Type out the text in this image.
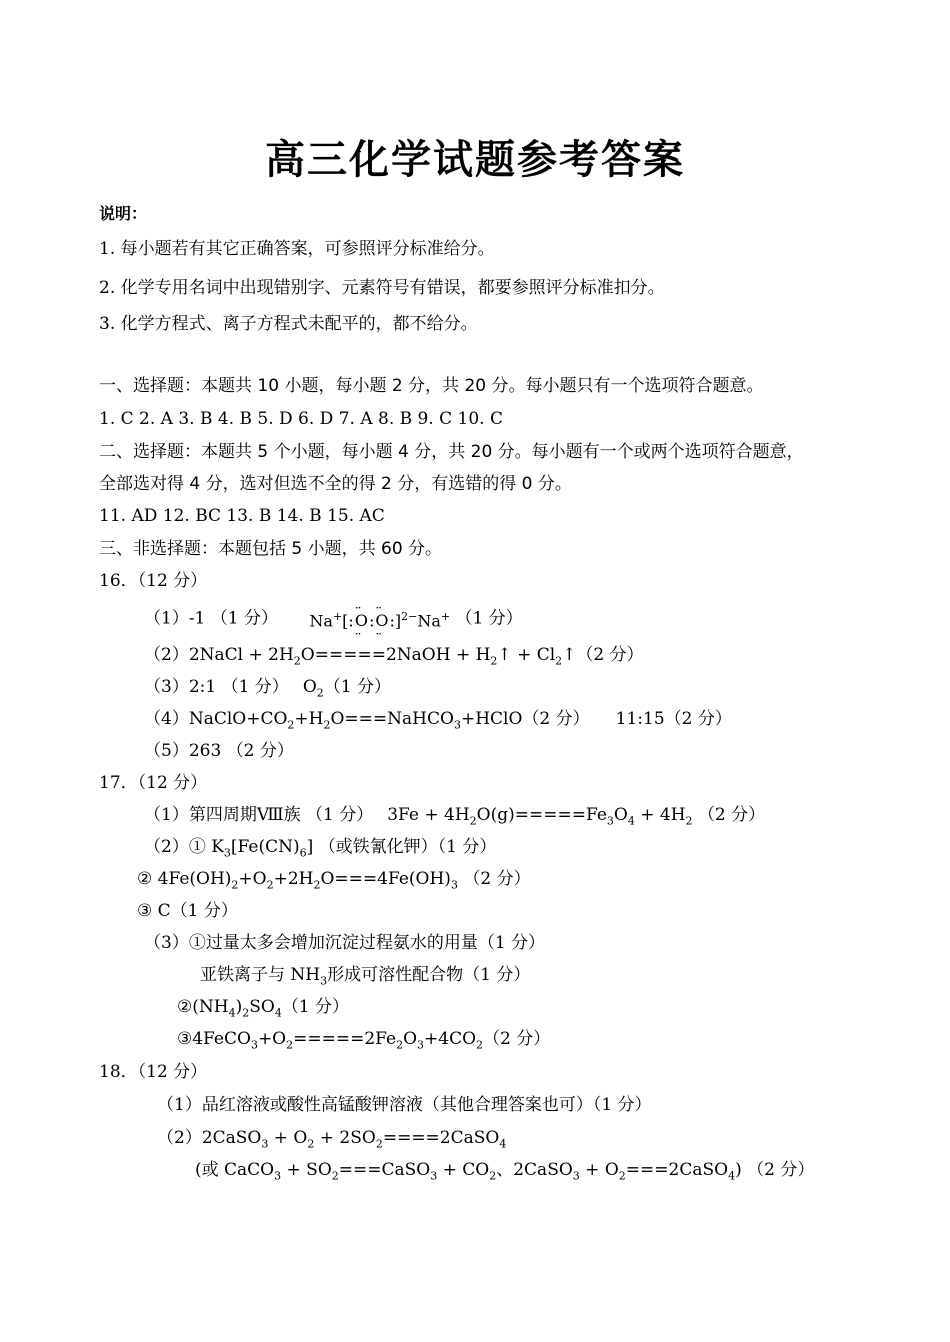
高三化学试题参考答案
说明：
1. 每小题若有其它正确答案，可参照评分标准给分。
2. 化学专用名词中出现错别字、元素符号有错误，都要参照评分标准扣分。
3. 化学方程式、离子方程式未配平的，都不给分。
一、选择题：本题共 10 小题，每小题 2 分，共 20 分。每小题只有一个选项符合题意。
1. C 2. A 3. B 4. B 5. D 6. D 7. A 8. B 9. C 10. C
二、选择题：本题共 5 个小题，每小题 4 分，共 20 分。每小题有一个或两个选项符合题意，
全部选对得 4 分，选对但选不全的得 2 分，有选错的得 0 分。
11. AD 12. BC 13. B 14. B 15. AC
三、非选择题：本题包括 5 小题，共 60 分。
16．（12 分）
（1）-1 （1 分） Na+[:·· O ··:·· O ··:]$^{2-}$Na+ （1 分）
（2）2NaCl + $2H_2O=====2NaOH$ + $H_2↑$ + $Cl_2↑(2$ 分）
（3）2:1 （1 分） $O_2(1$ 分）
$(4)NaClO+CO_2+H_2O===NaHCO_3+HClO(2$ 分） 11:15（2 分）
（5）263 （2 分）
17．（12 分）
（1）第四周期Ⅷ族 （1 分） $3Fe + 4H_2O(g)=====Fe_3O_4 + 4H_2$ （2 分）
（2）① $K_3[Fe(CN)_6]$ （或铁氰化钾）（1 分）
② $4Fe(OH)_2+O_2+2H_2O===4Fe(OH)_3$ （2 分）
③ C（1 分）
（3）①过量太多会增加沉淀过程氨水的用量（1 分）
亚铁离子与 $NH_3$形成可溶性配合物（1 分）
$②(NH_4)_2SO_4(1$ 分）
$③4FeCO_3+O_2=====2Fe_2O_3+4CO_2(2$ 分）
18．（12 分）
（1）品红溶液或酸性高锰酸钾溶液（其他合理答案也可）（1 分）
（2）2CaSO$_3$ + $O_2$ + $2SO_2====2CaSO_4$
(或 CaCO$_3$ + $SO_2===CaSO_3 + CO_2$、2CaSO$_3$ + $O_2===2CaSO_4$) （2 分）
